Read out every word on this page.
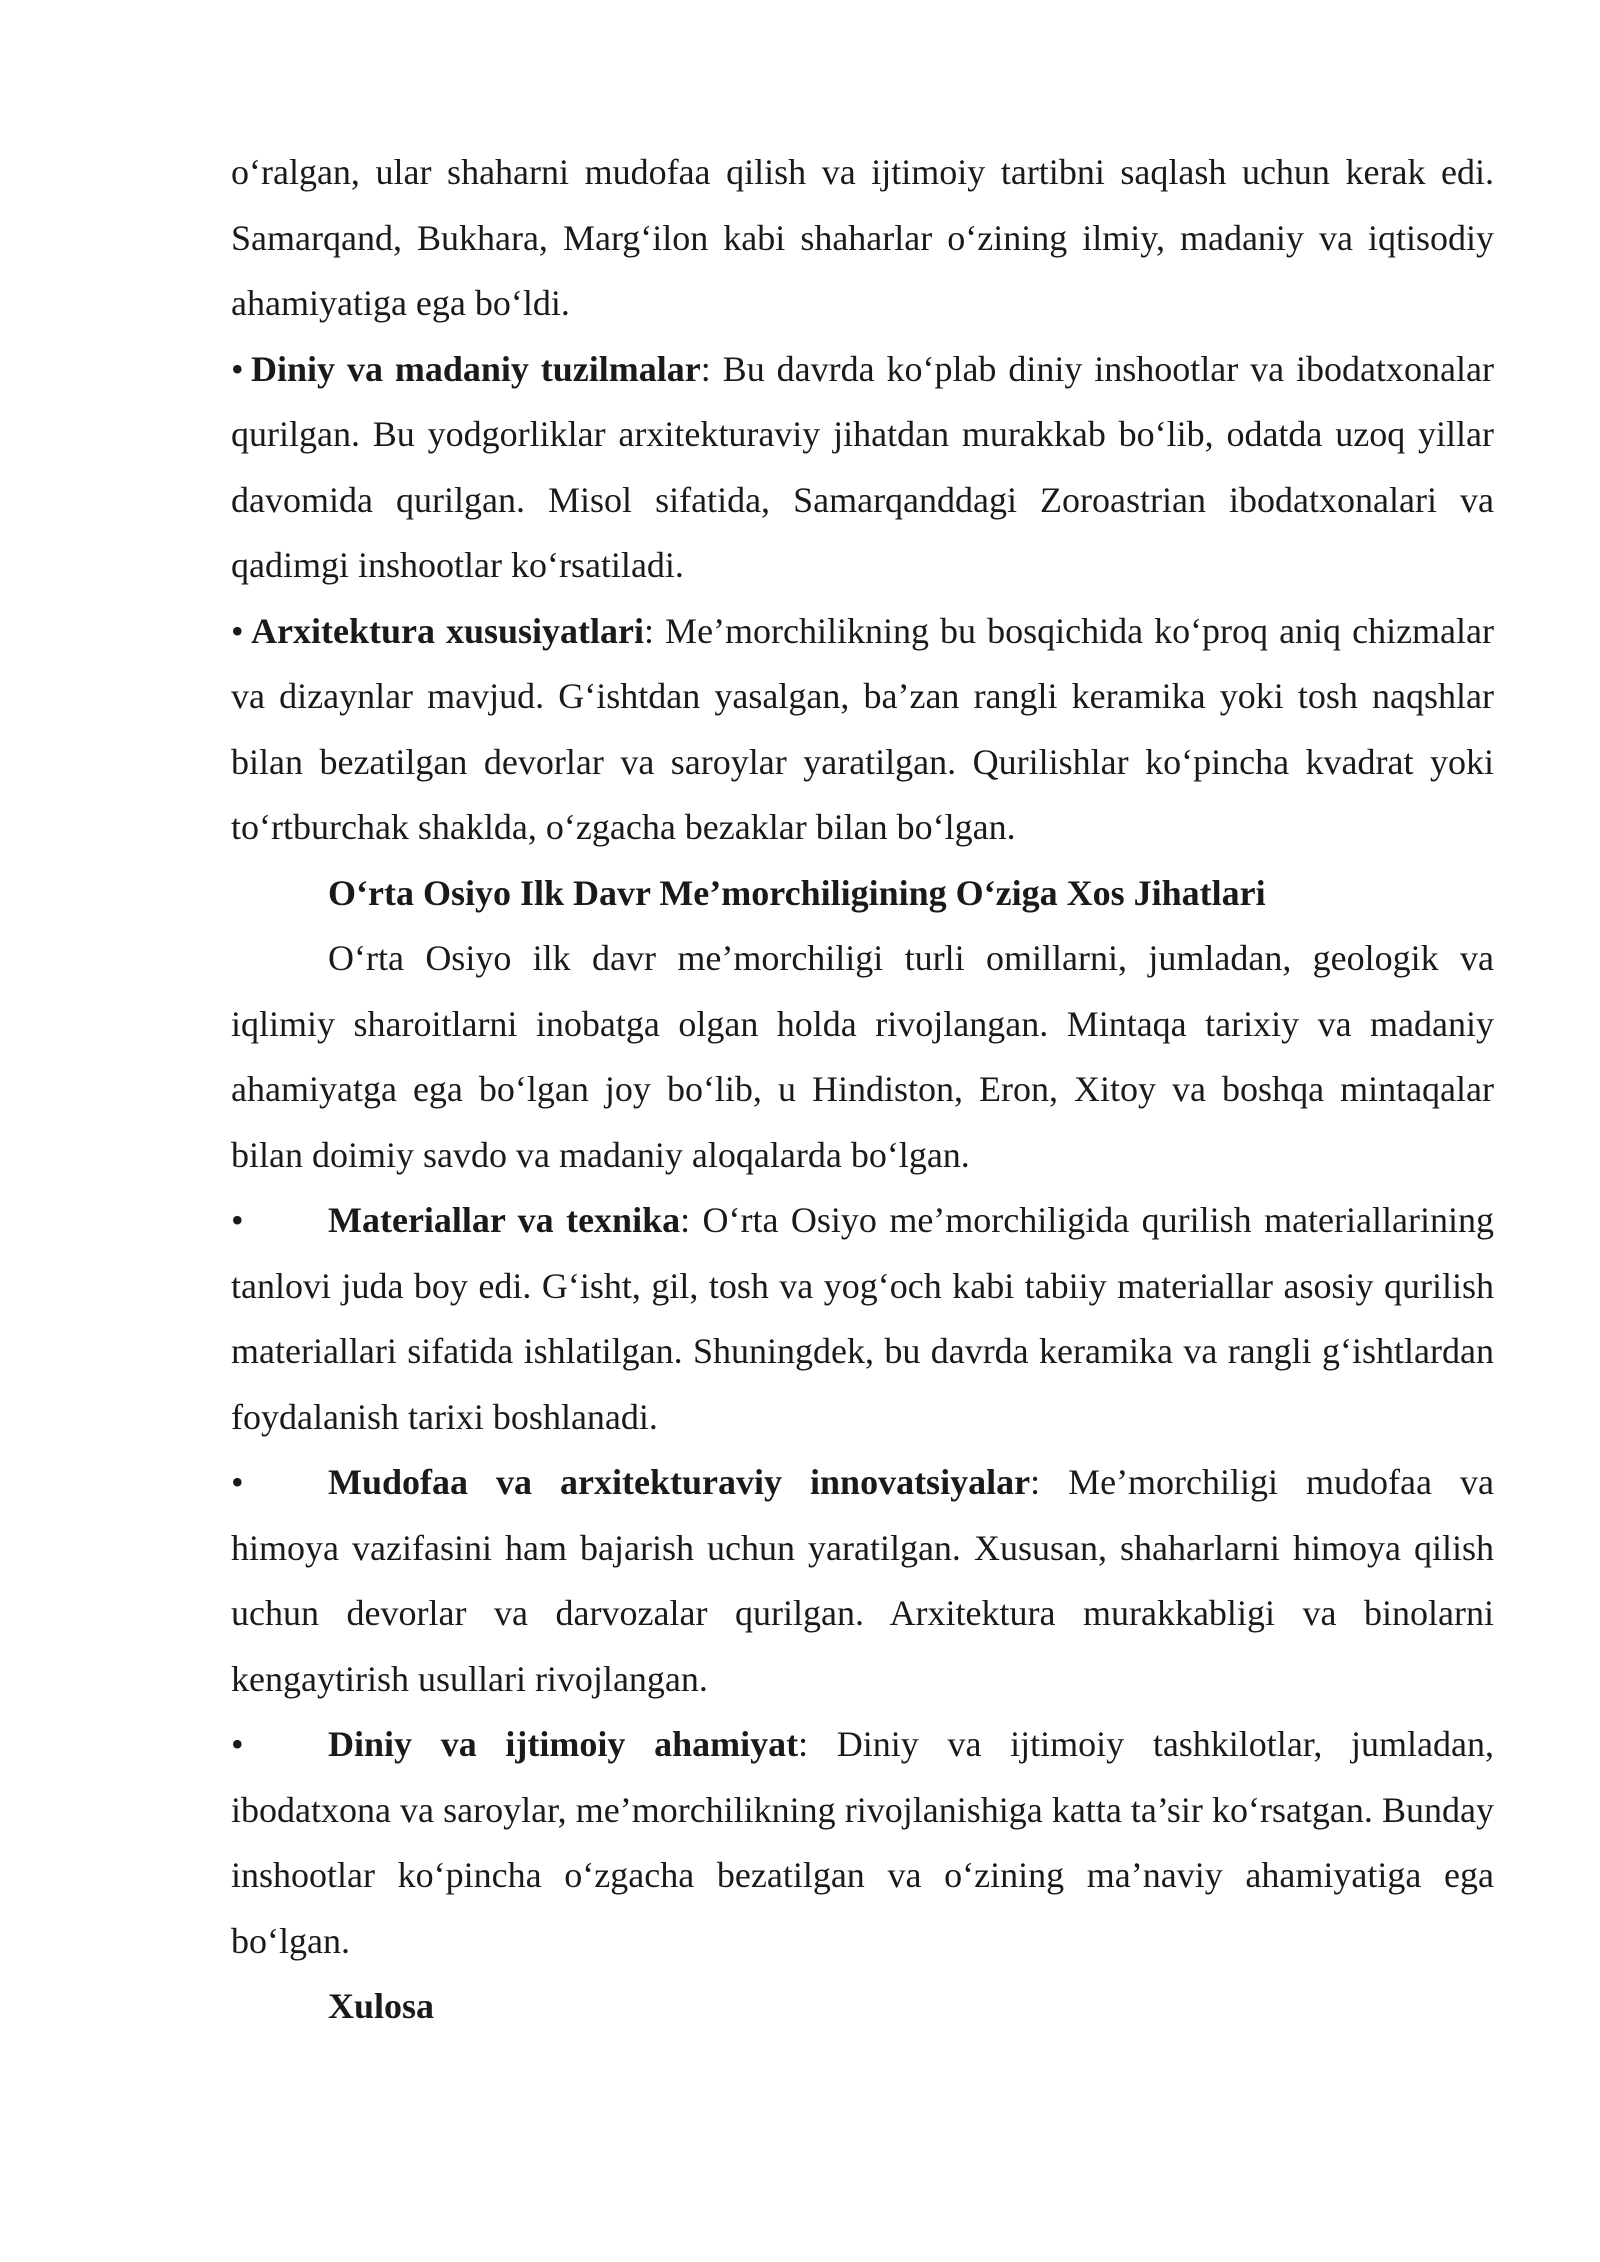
o‘ralgan, ular shaharni mudofaa qilish va ijtimoiy tartibni saqlash uchun kerak edi. Samarqand, Bukhara, Marg‘ilon kabi shaharlar o‘zining ilmiy, madaniy va iqtisodiy ahamiyatiga ega bo‘ldi.

• Diniy va madaniy tuzilmalar: Bu davrda ko‘plab diniy inshootlar va ibodatxonalar qurilgan. Bu yodgorliklar arxitekturaviy jihatdan murakkab bo‘lib, odatda uzoq yillar davomida qurilgan. Misol sifatida, Samarqanddagi Zoroastrian ibodatxonalari va qadimgi inshootlar ko‘rsatiladi.

• Arxitektura xususiyatlari: Me’morchilikning bu bosqichida ko‘proq aniq chizmalar va dizaynlar mavjud. G‘ishtdan yasalgan, ba’zan rangli keramika yoki tosh naqshlar bilan bezatilgan devorlar va saroylar yaratilgan. Qurilishlar ko‘pincha kvadrat yoki to‘rtburchak shaklda, o‘zgacha bezaklar bilan bo‘lgan.

O‘rta Osiyo Ilk Davr Me’morchiligining O‘ziga Xos Jihatlari

O‘rta Osiyo ilk davr me’morchiligi turli omillarni, jumladan, geologik va iqlimiy sharoitlarni inobatga olgan holda rivojlangan. Mintaqa tarixiy va madaniy ahamiyatga ega bo‘lgan joy bo‘lib, u Hindiston, Eron, Xitoy va boshqa mintaqalar bilan doimiy savdo va madaniy aloqalarda bo‘lgan.

• Materiallar va texnika: O‘rta Osiyo me’morchiligida qurilish materiallarining tanlovi juda boy edi. G‘isht, gil, tosh va yog‘och kabi tabiiy materiallar asosiy qurilish materiallari sifatida ishlatilgan. Shuningdek, bu davrda keramika va rangli g‘ishtlardan foydalanish tarixi boshlanadi.

• Mudofaa va arxitekturaviy innovatsiyalar: Me’morchiligi mudofaa va himoya vazifasini ham bajarish uchun yaratilgan. Xususan, shaharlarni himoya qilish uchun devorlar va darvozalar qurilgan. Arxitektura murakkabligi va binolarni kengaytirish usullari rivojlangan.

• Diniy va ijtimoiy ahamiyat: Diniy va ijtimoiy tashkilotlar, jumladan, ibodatxona va saroylar, me’morchilikning rivojlanishiga katta ta’sir ko‘rsatgan. Bunday inshootlar ko‘pincha o‘zgacha bezatilgan va o‘zining ma’naviy ahamiyatiga ega bo‘lgan.

Xulosa
